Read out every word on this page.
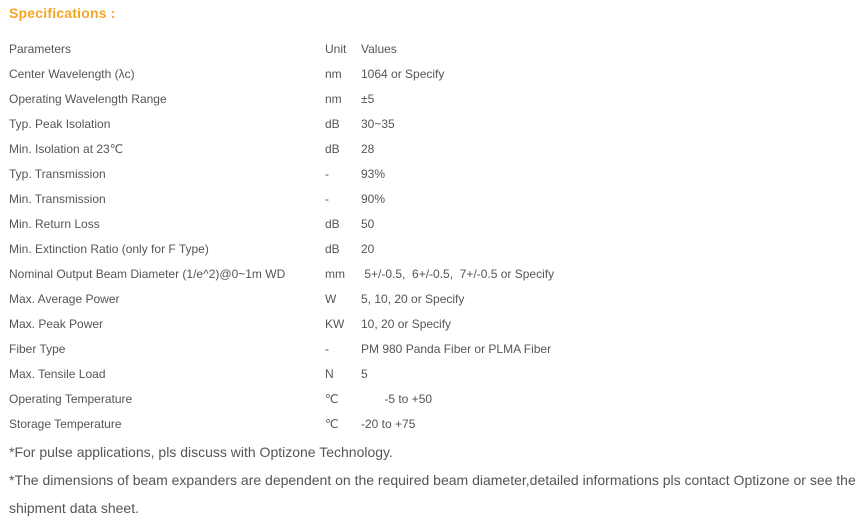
Specifications :
Parameters	Unit Values
Center Wavelength (λc)	nm 1064 or Specify
Operating Wavelength Range	nm ±5
Typ. Peak Isolation	dB 30~35
Min. Isolation at 23℃	dB 28
Typ. Transmission	-	93%
Min. Transmission	-	90%
Min. Return Loss	dB 50
Min. Extinction Ratio (only for F Type)	dB 20
Nominal Output Beam Diameter (1/e^2)@0~1m WD	mm 5+/-0.5,  6+/-0.5,  7+/-0.5 or Specify
Max. Average Power	W 5, 10, 20 or Specify
Max. Peak Power	KW 10, 20 or Specify
Fiber Type	-	PM 980 Panda Fiber or PLMA Fiber
Max. Tensile Load	N 5
Operating Temperature	℃ -5 to +50
Storage Temperature	℃ -20 to +75
*For pulse applications, pls discuss with Optizone Technology.
*The dimensions of beam expanders are dependent on the required beam diameter,detailed informations pls contact Optizone or see the shipment data sheet.
